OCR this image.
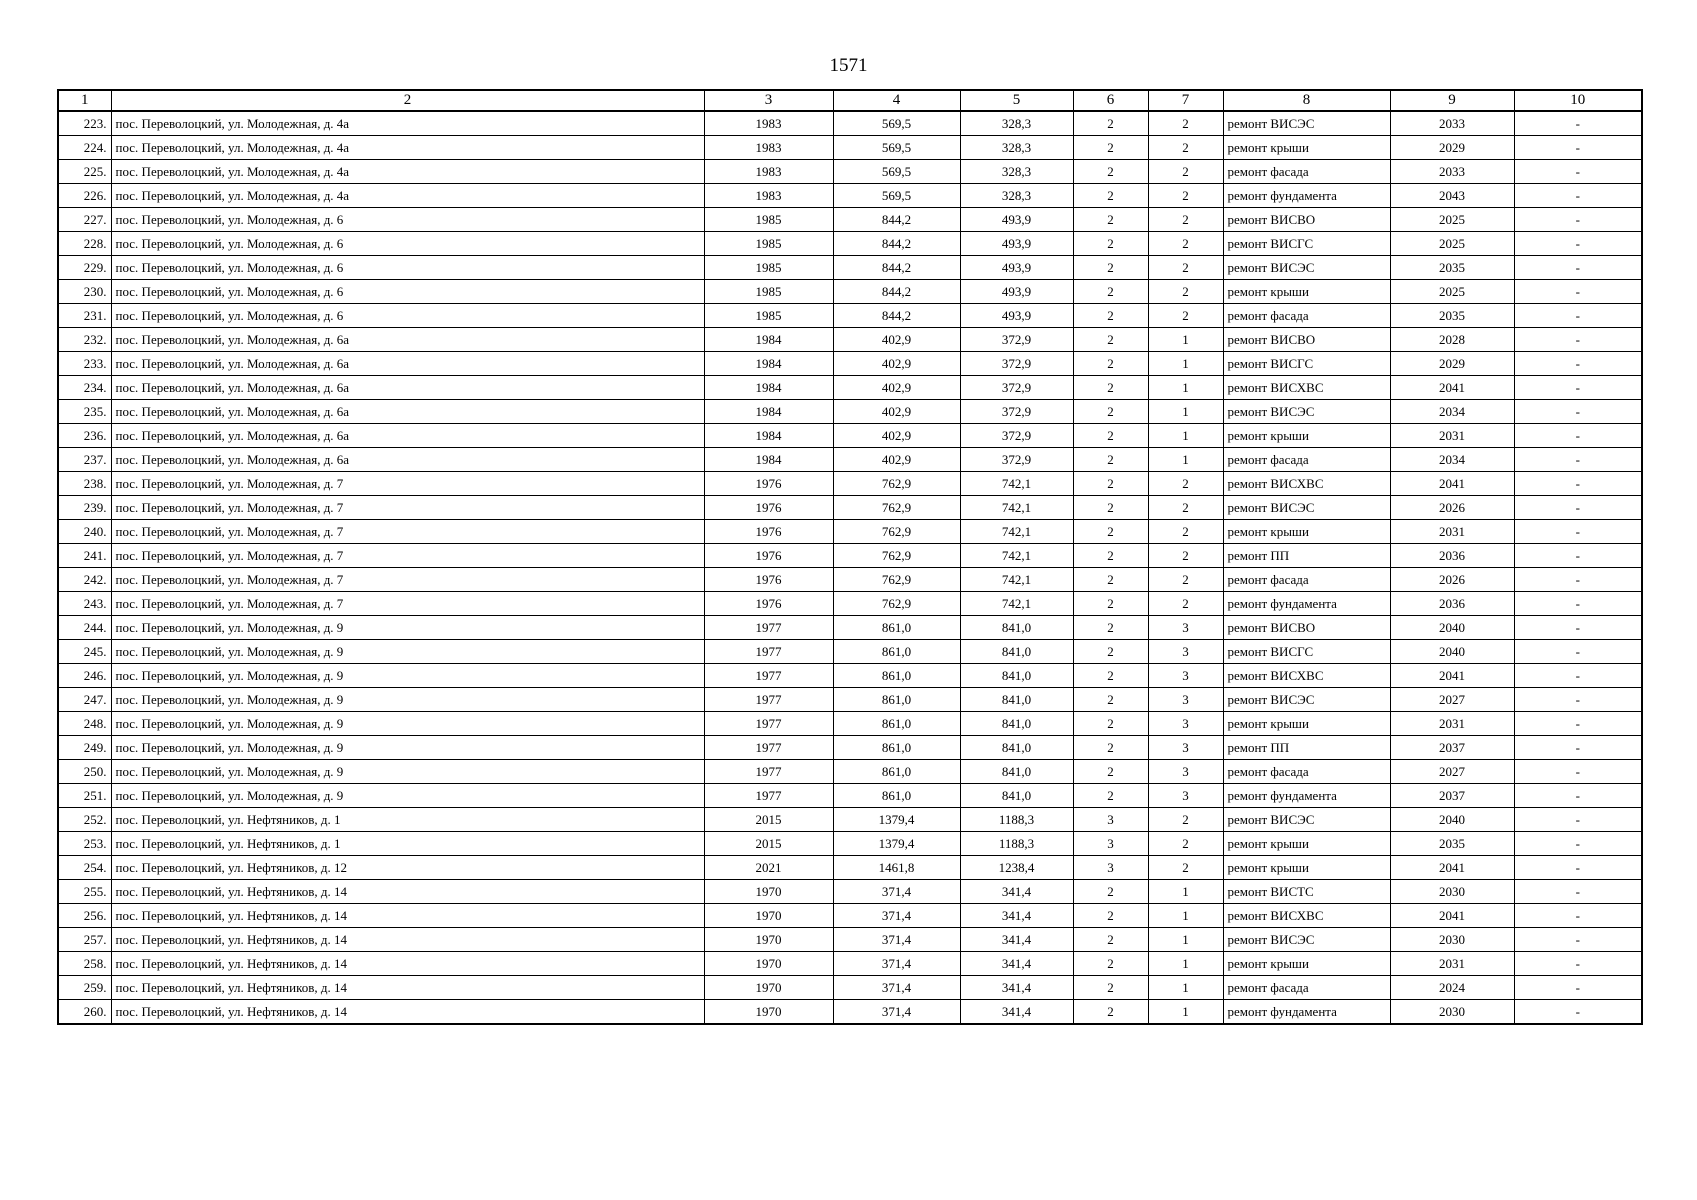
1571
1	2	3	4	5	6	7	8	9	10
223.	пос. Переволоцкий, ул. Молодежная, д. 4а	1983	569,5	328,3	2	2	ремонт ВИСЭС	2033	-
224.	пос. Переволоцкий, ул. Молодежная, д. 4а	1983	569,5	328,3	2	2	ремонт крыши	2029	-
225.	пос. Переволоцкий, ул. Молодежная, д. 4а	1983	569,5	328,3	2	2	ремонт фасада	2033	-
226.	пос. Переволоцкий, ул. Молодежная, д. 4а	1983	569,5	328,3	2	2	ремонт фундамента	2043	-
227.	пос. Переволоцкий, ул. Молодежная, д. 6	1985	844,2	493,9	2	2	ремонт ВИСВО	2025	-
228.	пос. Переволоцкий, ул. Молодежная, д. 6	1985	844,2	493,9	2	2	ремонт ВИСГС	2025	-
229.	пос. Переволоцкий, ул. Молодежная, д. 6	1985	844,2	493,9	2	2	ремонт ВИСЭС	2035	-
230.	пос. Переволоцкий, ул. Молодежная, д. 6	1985	844,2	493,9	2	2	ремонт крыши	2025	-
231.	пос. Переволоцкий, ул. Молодежная, д. 6	1985	844,2	493,9	2	2	ремонт фасада	2035	-
232.	пос. Переволоцкий, ул. Молодежная, д. 6а	1984	402,9	372,9	2	1	ремонт ВИСВО	2028	-
233.	пос. Переволоцкий, ул. Молодежная, д. 6а	1984	402,9	372,9	2	1	ремонт ВИСГС	2029	-
234.	пос. Переволоцкий, ул. Молодежная, д. 6а	1984	402,9	372,9	2	1	ремонт ВИСХВС	2041	-
235.	пос. Переволоцкий, ул. Молодежная, д. 6а	1984	402,9	372,9	2	1	ремонт ВИСЭС	2034	-
236.	пос. Переволоцкий, ул. Молодежная, д. 6а	1984	402,9	372,9	2	1	ремонт крыши	2031	-
237.	пос. Переволоцкий, ул. Молодежная, д. 6а	1984	402,9	372,9	2	1	ремонт фасада	2034	-
238.	пос. Переволоцкий, ул. Молодежная, д. 7	1976	762,9	742,1	2	2	ремонт ВИСХВС	2041	-
239.	пос. Переволоцкий, ул. Молодежная, д. 7	1976	762,9	742,1	2	2	ремонт ВИСЭС	2026	-
240.	пос. Переволоцкий, ул. Молодежная, д. 7	1976	762,9	742,1	2	2	ремонт крыши	2031	-
241.	пос. Переволоцкий, ул. Молодежная, д. 7	1976	762,9	742,1	2	2	ремонт ПП	2036	-
242.	пос. Переволоцкий, ул. Молодежная, д. 7	1976	762,9	742,1	2	2	ремонт фасада	2026	-
243.	пос. Переволоцкий, ул. Молодежная, д. 7	1976	762,9	742,1	2	2	ремонт фундамента	2036	-
244.	пос. Переволоцкий, ул. Молодежная, д. 9	1977	861,0	841,0	2	3	ремонт ВИСВО	2040	-
245.	пос. Переволоцкий, ул. Молодежная, д. 9	1977	861,0	841,0	2	3	ремонт ВИСГС	2040	-
246.	пос. Переволоцкий, ул. Молодежная, д. 9	1977	861,0	841,0	2	3	ремонт ВИСХВС	2041	-
247.	пос. Переволоцкий, ул. Молодежная, д. 9	1977	861,0	841,0	2	3	ремонт ВИСЭС	2027	-
248.	пос. Переволоцкий, ул. Молодежная, д. 9	1977	861,0	841,0	2	3	ремонт крыши	2031	-
249.	пос. Переволоцкий, ул. Молодежная, д. 9	1977	861,0	841,0	2	3	ремонт ПП	2037	-
250.	пос. Переволоцкий, ул. Молодежная, д. 9	1977	861,0	841,0	2	3	ремонт фасада	2027	-
251.	пос. Переволоцкий, ул. Молодежная, д. 9	1977	861,0	841,0	2	3	ремонт фундамента	2037	-
252.	пос. Переволоцкий, ул. Нефтяников, д. 1	2015	1379,4	1188,3	3	2	ремонт ВИСЭС	2040	-
253.	пос. Переволоцкий, ул. Нефтяников, д. 1	2015	1379,4	1188,3	3	2	ремонт крыши	2035	-
254.	пос. Переволоцкий, ул. Нефтяников, д. 12	2021	1461,8	1238,4	3	2	ремонт крыши	2041	-
255.	пос. Переволоцкий, ул. Нефтяников, д. 14	1970	371,4	341,4	2	1	ремонт ВИСТС	2030	-
256.	пос. Переволоцкий, ул. Нефтяников, д. 14	1970	371,4	341,4	2	1	ремонт ВИСХВС	2041	-
257.	пос. Переволоцкий, ул. Нефтяников, д. 14	1970	371,4	341,4	2	1	ремонт ВИСЭС	2030	-
258.	пос. Переволоцкий, ул. Нефтяников, д. 14	1970	371,4	341,4	2	1	ремонт крыши	2031	-
259.	пос. Переволоцкий, ул. Нефтяников, д. 14	1970	371,4	341,4	2	1	ремонт фасада	2024	-
260.	пос. Переволоцкий, ул. Нефтяников, д. 14	1970	371,4	341,4	2	1	ремонт фундамента	2030	-
